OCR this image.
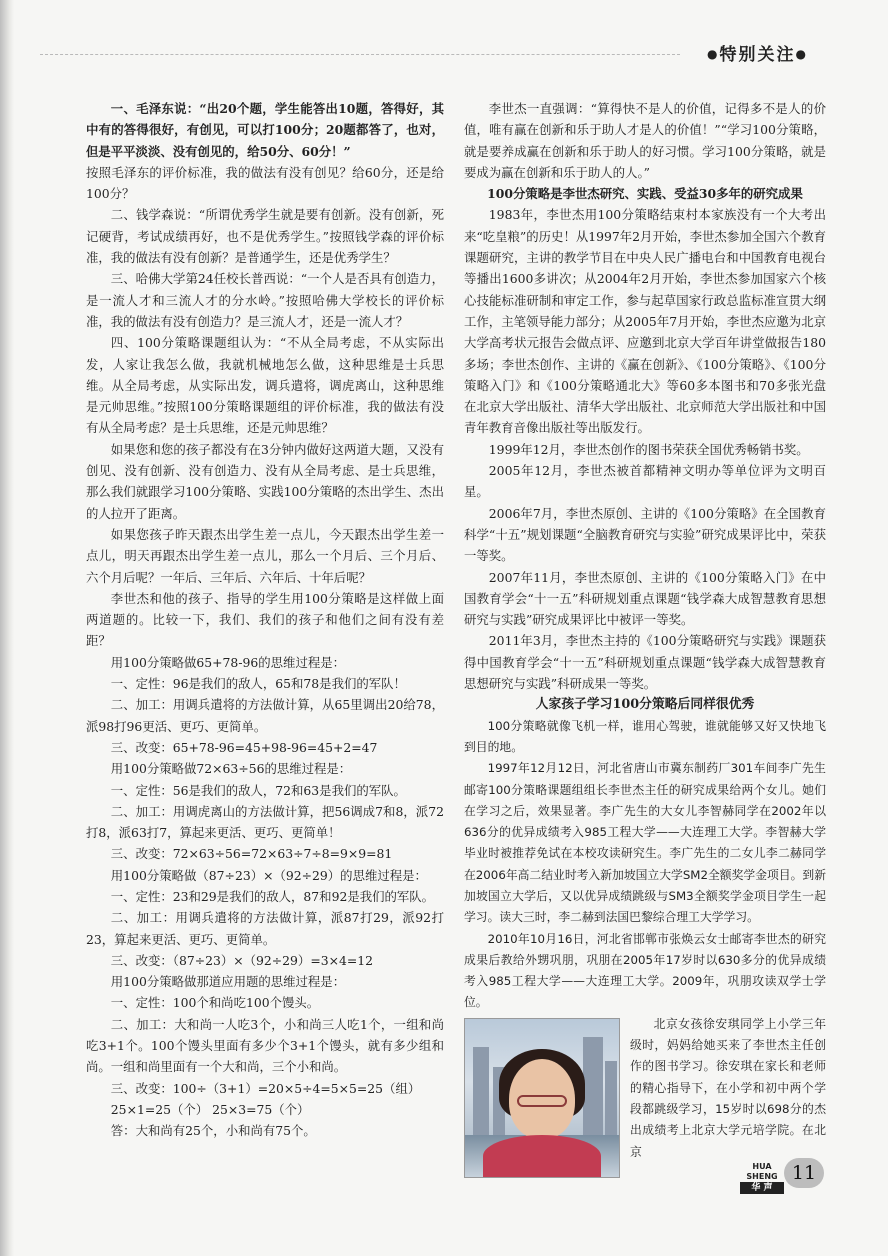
●特别关注●

一、毛泽东说：“出20个题，学生能答出10题，答得好，其中有的答得很好，有创见，可以打100分；20题都答了，也对，但是平平淡淡、没有创见的，给50分、60分！”

按照毛泽东的评价标准，我的做法有没有创见？给60分，还是给100分？

二、钱学森说：“所谓优秀学生就是要有创新。没有创新，死记硬背，考试成绩再好，也不是优秀学生。”按照钱学森的评价标准，我的做法有没有创新？是普通学生，还是优秀学生？

三、哈佛大学第24任校长普西说：“一个人是否具有创造力，是一流人才和三流人才的分水岭。”按照哈佛大学校长的评价标准，我的做法有没有创造力？是三流人才，还是一流人才？

四、100分策略课题组认为：“不从全局考虑，不从实际出发，人家让我怎么做，我就机械地怎么做，这种思维是士兵思维。从全局考虑，从实际出发，调兵遣将，调虎离山，这种思维是元帅思维。”按照100分策略课题组的评价标准，我的做法有没有从全局考虑？是士兵思维，还是元帅思维？

如果您和您的孩子都没有在3分钟内做好这两道大题，又没有创见、没有创新、没有创造力、没有从全局考虑、是士兵思维，那么我们就跟学习100分策略、实践100分策略的杰出学生、杰出的人拉开了距离。

如果您孩子昨天跟杰出学生差一点儿，今天跟杰出学生差一点儿，明天再跟杰出学生差一点儿，那么一个月后、三个月后、六个月后呢？一年后、三年后、六年后、十年后呢？

李世杰和他的孩子、指导的学生用100分策略是这样做上面两道题的。比较一下，我们、我们的孩子和他们之间有没有差距？

用100分策略做65+78-96的思维过程是：

一、定性：96是我们的敌人，65和78是我们的军队！

二、加工：用调兵遣将的方法做计算，从65里调出20给78，派98打96更活、更巧、更简单。

三、改变：65+78-96=45+98-96=45+2=47

用100分策略做72×63÷56的思维过程是：

一、定性：56是我们的敌人，72和63是我们的军队。

二、加工：用调虎离山的方法做计算，把56调成7和8，派72打8，派63打7，算起来更活、更巧、更简单！

三、改变：72×63÷56=72×63÷7÷8=9×9=81

用100分策略做（87÷23）×（92÷29）的思维过程是：

一、定性：23和29是我们的敌人，87和92是我们的军队。

二、加工：用调兵遣将的方法做计算，派87打29，派92打23，算起来更活、更巧、更简单。

三、改变：（87÷23）×（92÷29）=3×4=12

用100分策略做那道应用题的思维过程是：

一、定性：100个和尚吃100个馒头。

二、加工：大和尚一人吃3个，小和尚三人吃1个，一组和尚吃3+1个。100个馒头里面有多少个3+1个馒头，就有多少组和尚。一组和尚里面有一个大和尚，三个小和尚。

三、改变：100÷（3+1）=20×5÷4=5×5=25（组）

25×1=25（个） 25×3=75（个）

答：大和尚有25个，小和尚有75个。

李世杰一直强调：“算得快不是人的价值，记得多不是人的价值，唯有赢在创新和乐于助人才是人的价值！”“学习100分策略，就是要养成赢在创新和乐于助人的好习惯。学习100分策略，就是要成为赢在创新和乐于助人的人。”

100分策略是李世杰研究、实践、受益30多年的研究成果

1983年，李世杰用100分策略结束村本家族没有一个大考出来“吃皇粮”的历史！从1997年2月开始，李世杰参加全国六个教育课题研究，主讲的教学节目在中央人民广播电台和中国教育电视台等播出1600多讲次；从2004年2月开始，李世杰参加国家六个核心技能标准研制和审定工作，参与起草国家行政总监标准宣贯大纲工作，主笔领导能力部分；从2005年7月开始，李世杰应邀为北京大学高考状元报告会做点评、应邀到北京大学百年讲堂做报告180多场；李世杰创作、主讲的《赢在创新》、《100分策略》、《100分策略入门》和《100分策略通北大》等60多本图书和70多张光盘在北京大学出版社、清华大学出版社、北京师范大学出版社和中国青年教育音像出版社等出版发行。

1999年12月，李世杰创作的图书荣获全国优秀畅销书奖。

2005年12月，李世杰被首都精神文明办等单位评为文明百星。

2006年7月，李世杰原创、主讲的《100分策略》在全国教育科学“十五”规划课题“全脑教育研究与实验”研究成果评比中，荣获一等奖。

2007年11月，李世杰原创、主讲的《100分策略入门》在中国教育学会“十一五”科研规划重点课题“钱学森大成智慧教育思想研究与实践”研究成果评比中被评一等奖。

2011年3月，李世杰主持的《100分策略研究与实践》课题获得中国教育学会“十一五”科研规划重点课题“钱学森大成智慧教育思想研究与实践”科研成果一等奖。

人家孩子学习100分策略后同样很优秀

100分策略就像飞机一样，谁用心驾驶，谁就能够又好又快地飞到目的地。

1997年12月12日，河北省唐山市冀东制药厂301车间李广先生邮寄100分策略课题组组长李世杰主任的研究成果给两个女儿。她们在学习之后，效果显著。李广先生的大女儿李智赫同学在2002年以636分的优异成绩考入985工程大学——大连理工大学。李智赫大学毕业时被推荐免试在本校攻读研究生。李广先生的二女儿李二赫同学在2006年高二结业时考入新加坡国立大学SM2全额奖学金项目。到新加坡国立大学后，又以优异成绩跳级与SM3全额奖学金项目学生一起学习。读大三时，李二赫到法国巴黎综合理工大学学习。

2010年10月16日，河北省邯郸市张焕云女士邮寄李世杰的研究成果后教给外甥巩朋，巩朋在2005年17岁时以630多分的优异成绩考入985工程大学——大连理工大学。2009年，巩朋攻读双学士学位。

北京女孩徐安琪同学上小学三年级时，妈妈给她买来了李世杰主任创作的图书学习。徐安琪在家长和老师的精心指导下，在小学和初中两个学段都跳级学习，15岁时以698分的杰出成绩考上北京大学元培学院。在北京

HUA SHENG
华 声
11
